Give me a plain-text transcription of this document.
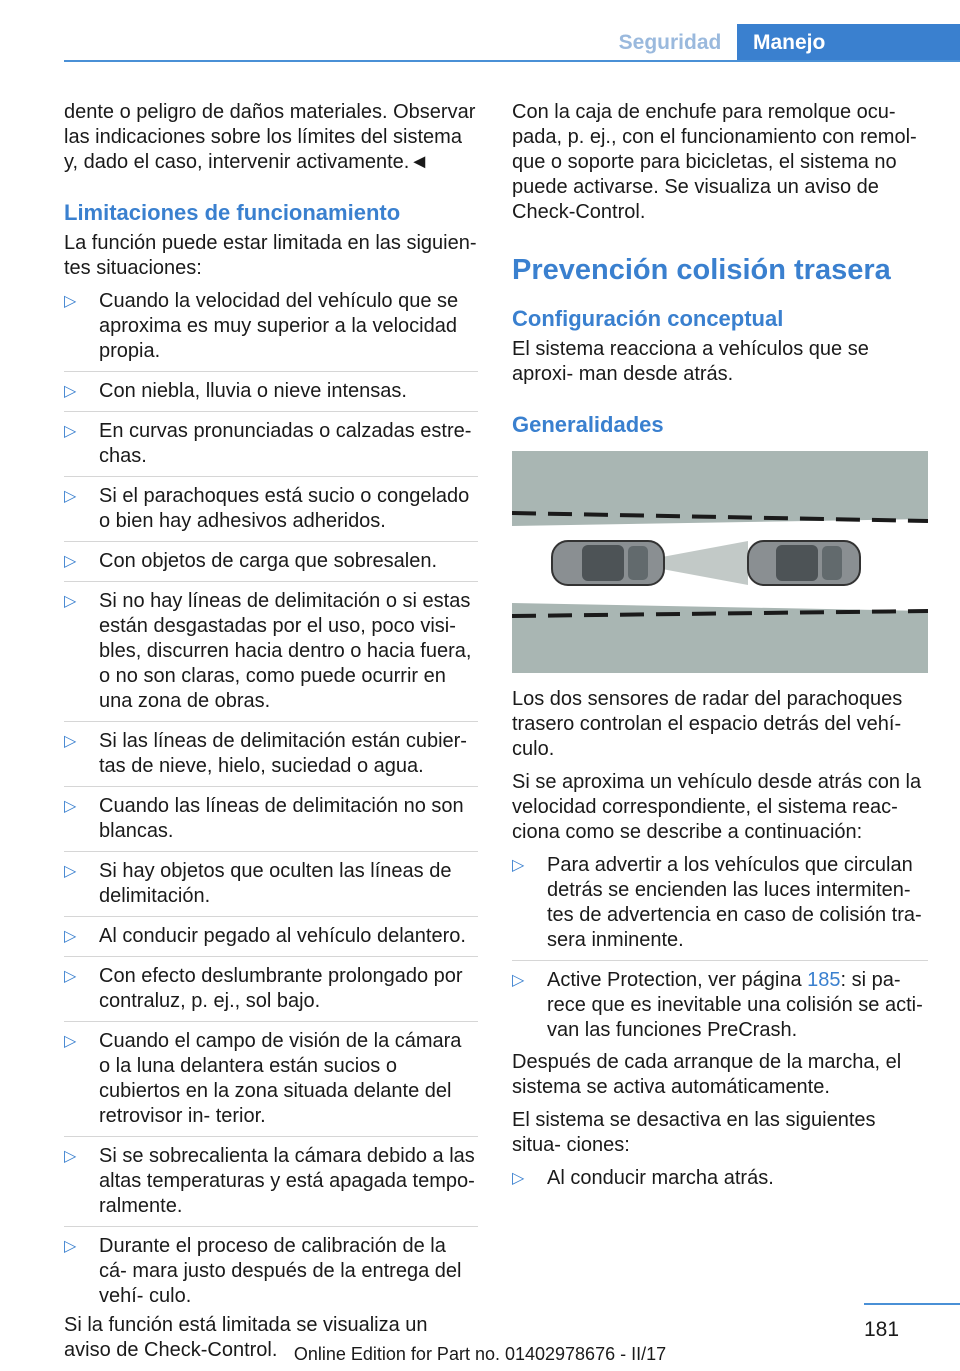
Seguridad	Manejo

dente o peligro de daños materiales. Observar las indicaciones sobre los límites del sistema y, dado el caso, intervenir activamente.◄

Limitaciones de funcionamiento

La función puede estar limitada en las siguien‐ tes situaciones:

▷ Cuando la velocidad del vehículo que se aproxima es muy superior a la velocidad propia.
▷ Con niebla, lluvia o nieve intensas.
▷ En curvas pronunciadas o calzadas estre‐ chas.
▷ Si el parachoques está sucio o congelado o bien hay adhesivos adheridos.
▷ Con objetos de carga que sobresalen.
▷ Si no hay líneas de delimitación o si estas están desgastadas por el uso, poco visi‐ bles, discurren hacia dentro o hacia fuera, o no son claras, como puede ocurrir en una zona de obras.
▷ Si las líneas de delimitación están cubier‐ tas de nieve, hielo, suciedad o agua.
▷ Cuando las líneas de delimitación no son blancas.
▷ Si hay objetos que oculten las líneas de delimitación.
▷ Al conducir pegado al vehículo delantero.
▷ Con efecto deslumbrante prolongado por contraluz, p. ej., sol bajo.
▷ Cuando el campo de visión de la cámara o la luna delantera están sucios o cubiertos en la zona situada delante del retrovisor in‐ terior.
▷ Si se sobrecalienta la cámara debido a las altas temperaturas y está apagada tempo‐ ralmente.
▷ Durante el proceso de calibración de la cá‐ mara justo después de la entrega del vehí‐ culo.

Si la función está limitada se visualiza un aviso de Check-Control.

Con la caja de enchufe para remolque ocu‐ pada, p. ej., con el funcionamiento con remol‐ que o soporte para bicicletas, el sistema no puede activarse. Se visualiza un aviso de Check-Control.

Prevención colisión trasera
Configuración conceptual

El sistema reacciona a vehículos que se aproxi‐ man desde atrás.

Generalidades

Los dos sensores de radar del parachoques trasero controlan el espacio detrás del vehí‐ culo.

Si se aproxima un vehículo desde atrás con la velocidad correspondiente, el sistema reac‐ ciona como se describe a continuación:

▷ Para advertir a los vehículos que circulan detrás se encienden las luces intermiten‐ tes de advertencia en caso de colisión tra‐ sera inminente.
▷ Active Protection, ver página 185: si pa‐ rece que es inevitable una colisión se acti‐ van las funciones PreCrash.

Después de cada arranque de la marcha, el sistema se activa automáticamente.

El sistema se desactiva en las siguientes situa‐ ciones:

▷ Al conducir marcha atrás.
181
Online Edition for Part no. 01402978676 - II/17
